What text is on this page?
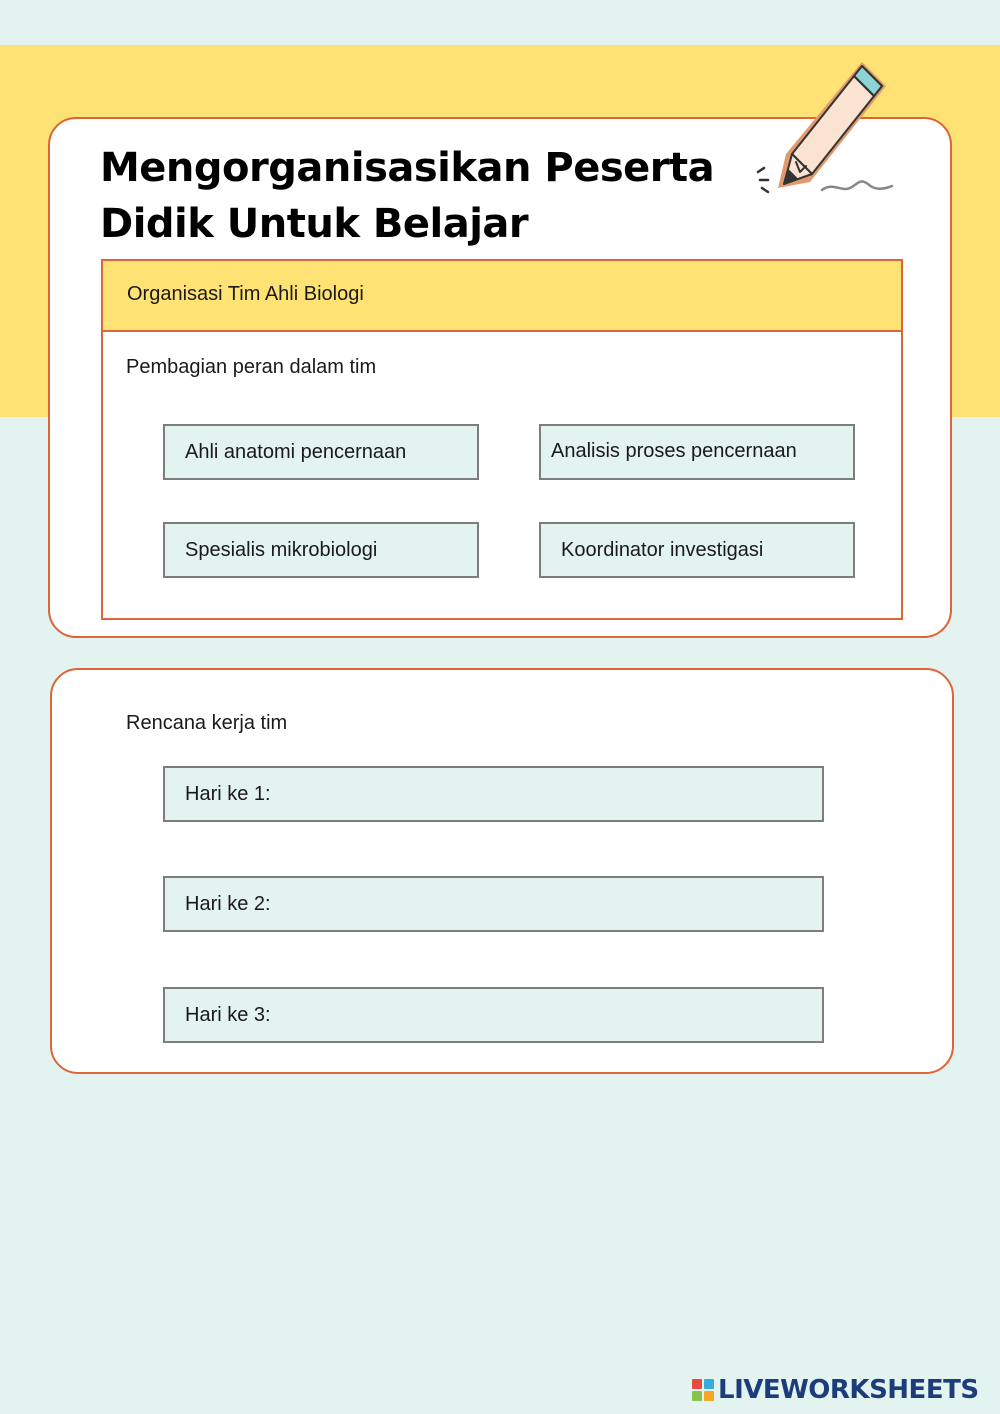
Mengorganisasikan Peserta
Didik Untuk Belajar
Organisasi Tim Ahli Biologi
Pembagian peran dalam tim
Ahli anatomi pencernaan	Analisis proses pencernaan
Spesialis mikrobiologi	Koordinator investigasi
Rencana kerja tim
Hari ke 1:
Hari ke 2:
Hari ke 3:
LIVEWORKSHEETS
